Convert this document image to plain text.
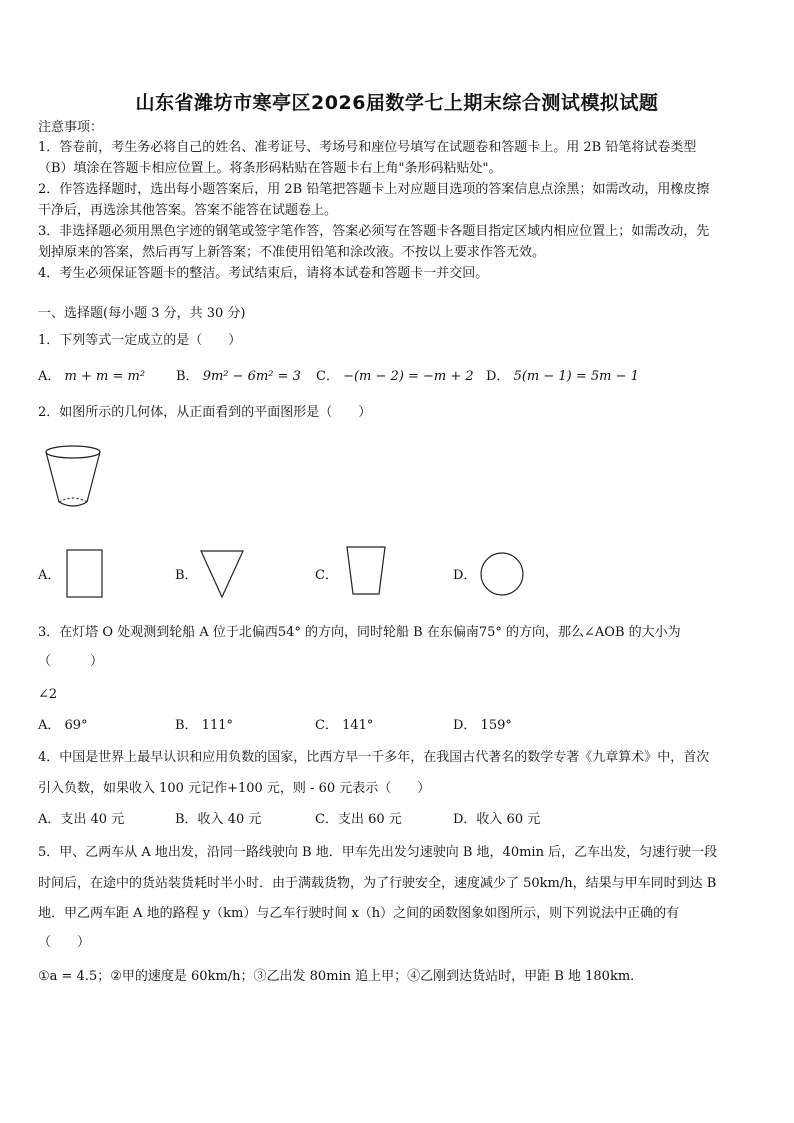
山东省潍坊市寒亭区2026届数学七上期末综合测试模拟试题
注意事项：
1．答卷前，考生务必将自己的姓名、准考证号、考场号和座位号填写在试题卷和答题卡上。用 2B 铅笔将试卷类型
（B）填涂在答题卡相应位置上。将条形码粘贴在答题卡右上角"条形码粘贴处"。
2．作答选择题时，选出每小题答案后，用 2B 铅笔把答题卡上对应题目选项的答案信息点涂黑；如需改动，用橡皮擦
干净后，再选涂其他答案。答案不能答在试题卷上。
3．非选择题必须用黑色字迹的钢笔或签字笔作答，答案必须写在答题卡各题目指定区域内相应位置上；如需改动，先
划掉原来的答案，然后再写上新答案；不准使用铅笔和涂改液。不按以上要求作答无效。
4．考生必须保证答题卡的整洁。考试结束后，请将本试卷和答题卡一并交回。
一、选择题(每小题 3 分，共 30 分)
1．下列等式一定成立的是（　　）
A． m + m = m² B． 9m² − 6m² = 3 C． −(m − 2) = −m + 2 D． 5(m − 1) = 5m − 1
2．如图所示的几何体，从正面看到的平面图形是（　　）
A．	B．	C．	D．
3．在灯塔 O 处观测到轮船 A 位于北偏西54° 的方向，同时轮船 B 在东偏南75° 的方向，那么∠AOB 的大小为
（　　　）
∠2
A． 69°	B． 111°	C． 141°	D． 159°
4．中国是世界上最早认识和应用负数的国家，比西方早一千多年，在我国古代著名的数学专著《九章算术》中，首次
引入负数，如果收入 100 元记作+100 元，则 - 60 元表示（　　）
A．支出 40 元	B．收入 40 元	C．支出 60 元	D．收入 60 元
5．甲、乙两车从 A 地出发，沿同一路线驶向 B 地．甲车先出发匀速驶向 B 地，40min 后，乙车出发，匀速行驶一段
时间后，在途中的货站装货耗时半小时．由于满载货物，为了行驶安全，速度减少了 50km/h，结果与甲车同时到达 B
地．甲乙两车距 A 地的路程 y（km）与乙车行驶时间 x（h）之间的函数图象如图所示，则下列说法中正确的有
（　　）
①a = 4.5；②甲的速度是 60km/h；③乙出发 80min 追上甲；④乙刚到达货站时，甲距 B 地 180km.
